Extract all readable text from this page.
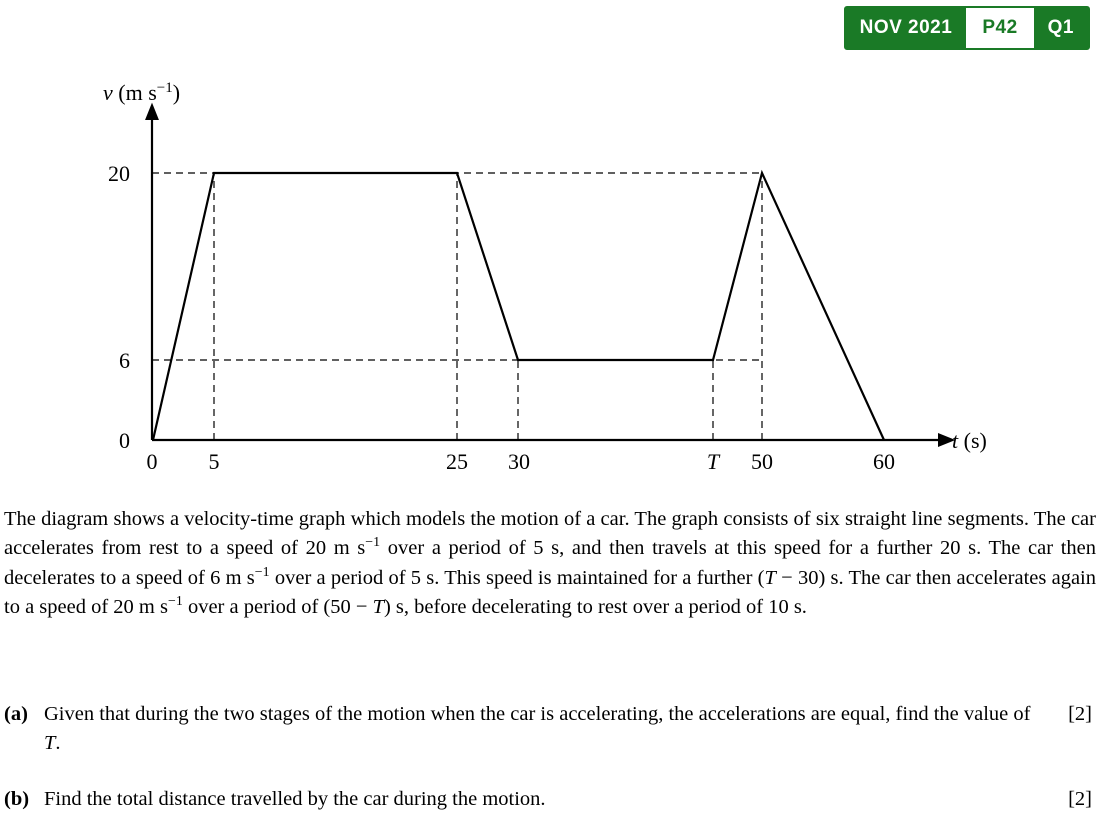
NOV 2021	P42	Q1
20
6
0
0 5	25 30	T 50	60
v (m $s^{-1}$)
t (s)

The diagram shows a velocity-time graph which models the motion of a car. The graph consists of six straight line segments. The car accelerates from rest to a speed of 20 m $s^{-1}$ over a period of 5 s, and then travels at this speed for a further 20 s. The car then decelerates to a speed of 6 m $s^{-1}$ over a period of 5 s. This speed is maintained for a further (T − 30) s. The car then accelerates again to a speed of 20 m $s^{-1}$ over a period of (50 − T) s, before decelerating to rest over a period of 10 s.

(a) Given that during the two stages of the motion when the car is accelerating, the accelerations are equal, find the value of T.
[2]
(b) Find the total distance travelled by the car during the motion.	[2]
